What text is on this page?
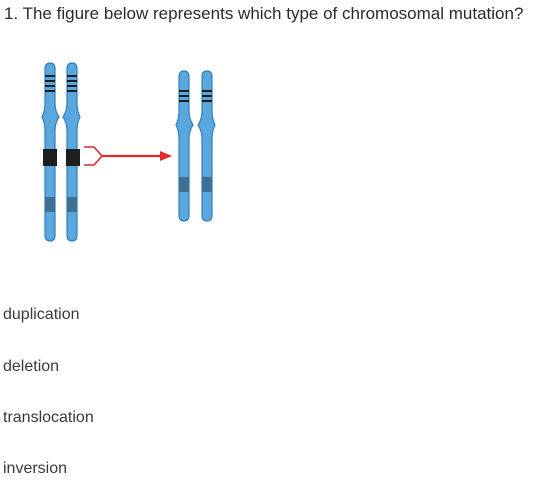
1. The figure below represents which type of chromosomal mutation?
duplication
deletion
translocation
inversion
